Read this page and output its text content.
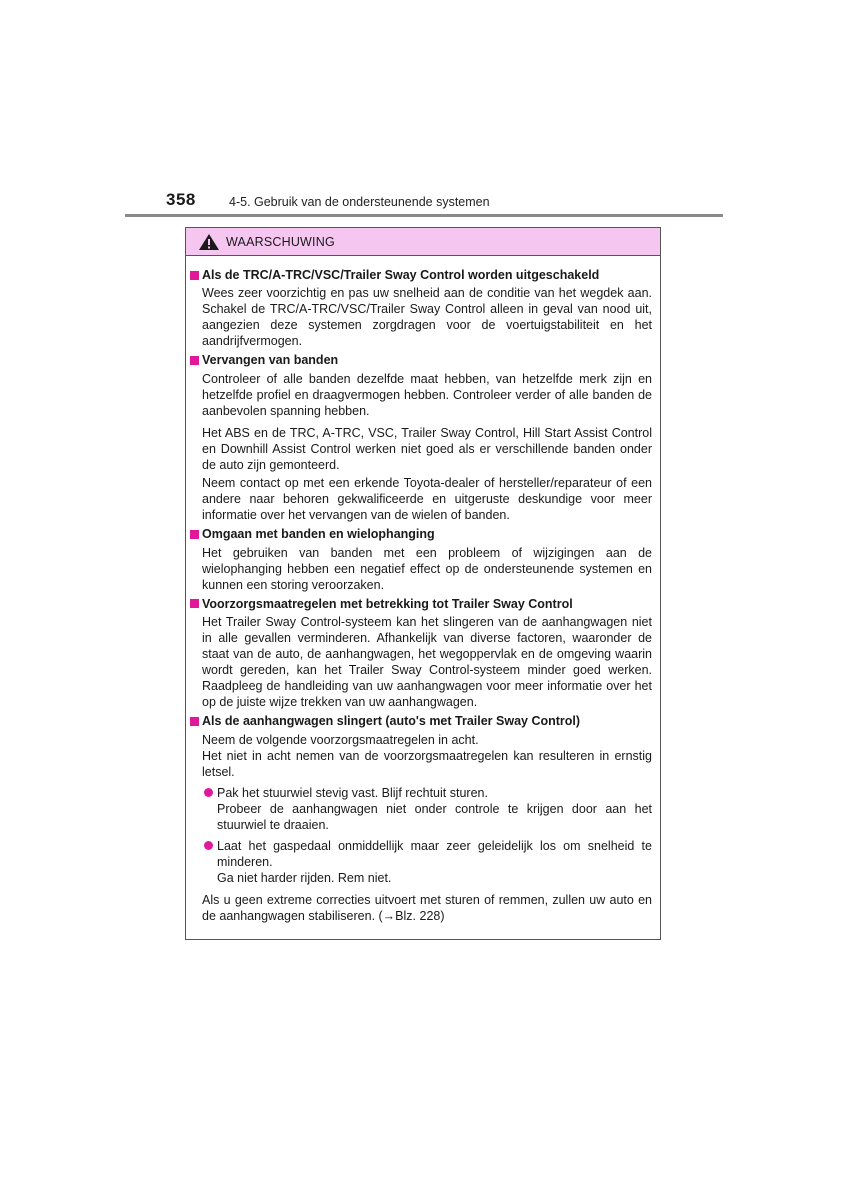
358	4-5. Gebruik van de ondersteunende systemen
WAARSCHUWING
Als de TRC/A-TRC/VSC/Trailer Sway Control worden uitgeschakeld
Wees zeer voorzichtig en pas uw snelheid aan de conditie van het wegdek aan. Schakel de TRC/A-TRC/VSC/Trailer Sway Control alleen in geval van nood uit, aangezien deze systemen zorgdragen voor de voertuigstabiliteit en het aandrijfvermogen.
Vervangen van banden
Controleer of alle banden dezelfde maat hebben, van hetzelfde merk zijn en hetzelfde profiel en draagvermogen hebben. Controleer verder of alle banden de aanbevolen spanning hebben.
Het ABS en de TRC, A-TRC, VSC, Trailer Sway Control, Hill Start Assist Control en Downhill Assist Control werken niet goed als er verschillende banden onder de auto zijn gemonteerd.
Neem contact op met een erkende Toyota-dealer of hersteller/reparateur of een andere naar behoren gekwalificeerde en uitgeruste deskundige voor meer informatie over het vervangen van de wielen of banden.
Omgaan met banden en wielophanging
Het gebruiken van banden met een probleem of wijzigingen aan de wielophanging hebben een negatief effect op de ondersteunende systemen en kunnen een storing veroorzaken.
Voorzorgsmaatregelen met betrekking tot Trailer Sway Control
Het Trailer Sway Control-systeem kan het slingeren van de aanhangwagen niet in alle gevallen verminderen. Afhankelijk van diverse factoren, waaronder de staat van de auto, de aanhangwagen, het wegoppervlak en de omgeving waarin wordt gereden, kan het Trailer Sway Control-systeem minder goed werken. Raadpleeg de handleiding van uw aanhangwagen voor meer informatie over het op de juiste wijze trekken van uw aanhangwagen.
Als de aanhangwagen slingert (auto's met Trailer Sway Control)
Neem de volgende voorzorgsmaatregelen in acht.
Het niet in acht nemen van de voorzorgsmaatregelen kan resulteren in ernstig letsel.
Pak het stuurwiel stevig vast. Blijf rechtuit sturen.
Probeer de aanhangwagen niet onder controle te krijgen door aan het stuurwiel te draaien.
Laat het gaspedaal onmiddellijk maar zeer geleidelijk los om snelheid te minderen.
Ga niet harder rijden. Rem niet.
Als u geen extreme correcties uitvoert met sturen of remmen, zullen uw auto en de aanhangwagen stabiliseren. (→Blz. 228)
